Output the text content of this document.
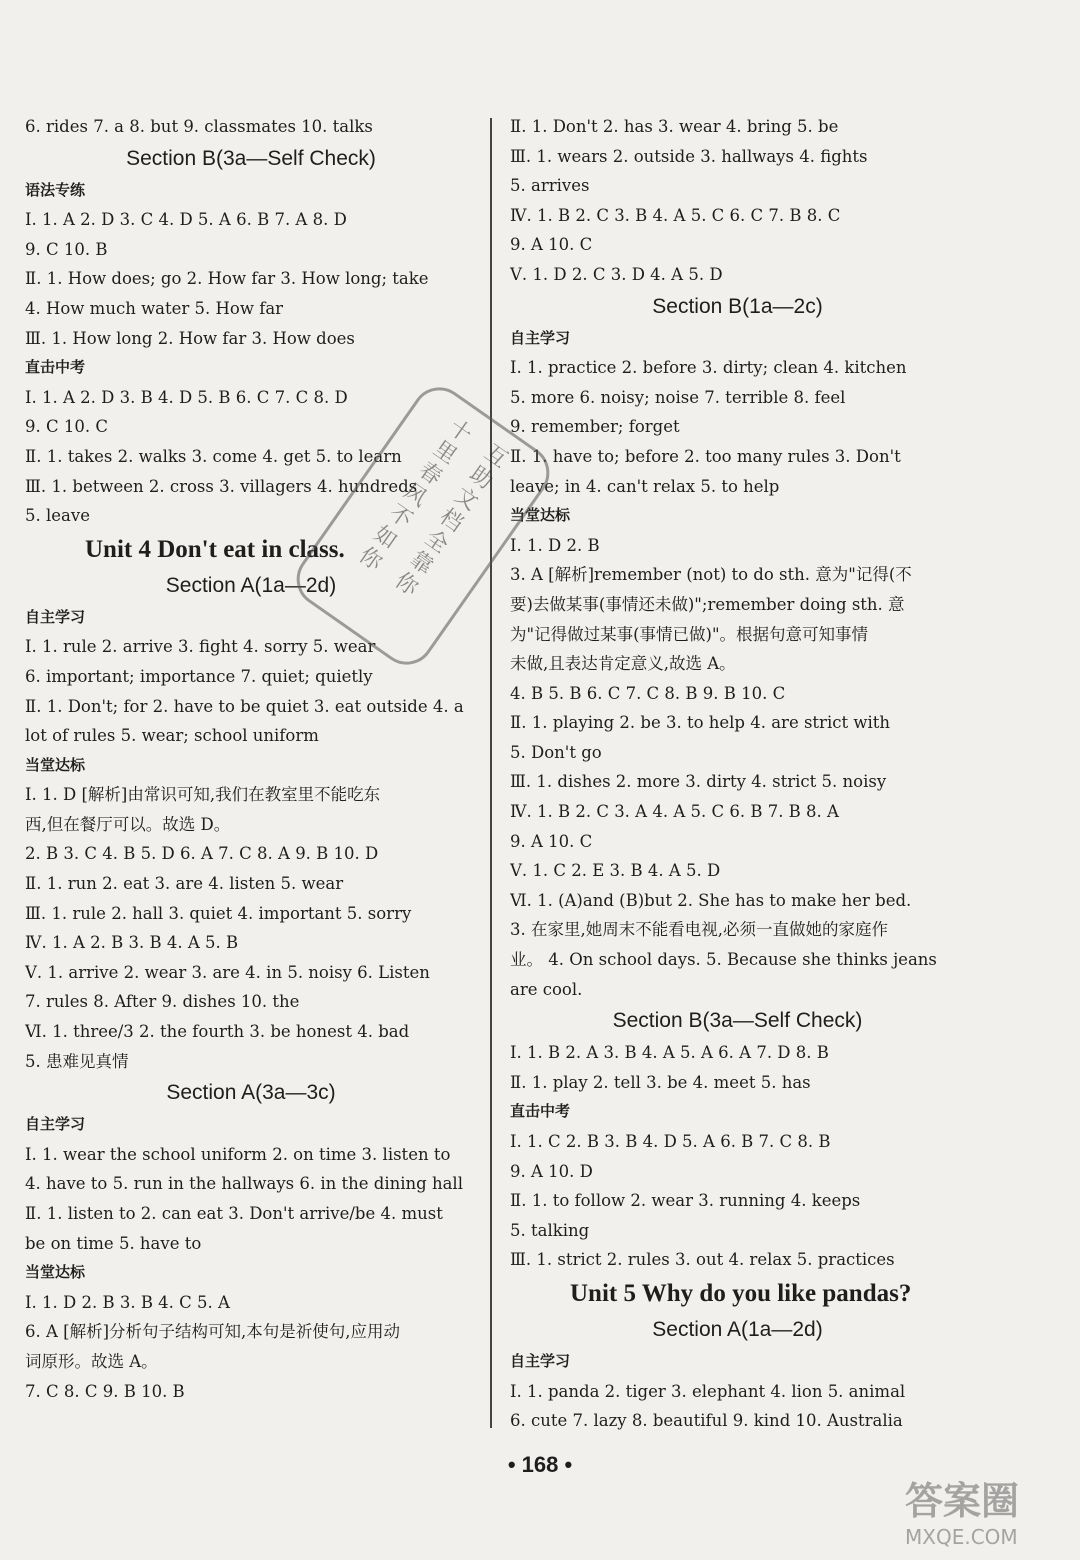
6. rides 7. a 8. but 9. classmates 10. talks
Section B(3a—Self Check)
语法专练
Ⅰ. 1. A 2. D 3. C 4. D 5. A 6. B 7. A 8. D
9. C 10. B
Ⅱ. 1. How does; go 2. How far 3. How long; take
4. How much water 5. How far
Ⅲ. 1. How long 2. How far 3. How does
直击中考
Ⅰ. 1. A 2. D 3. B 4. D 5. B 6. C 7. C 8. D
9. C 10. C
Ⅱ. 1. takes 2. walks 3. come 4. get 5. to learn
Ⅲ. 1. between 2. cross 3. villagers 4. hundreds
5. leave
Unit 4 Don't eat in class.
Section A(1a—2d)
自主学习
Ⅰ. 1. rule 2. arrive 3. fight 4. sorry 5. wear
6. important; importance 7. quiet; quietly
Ⅱ. 1. Don't; for 2. have to be quiet 3. eat outside 4. a
lot of rules 5. wear; school uniform
当堂达标
Ⅰ. 1. D [解析]由常识可知,我们在教室里不能吃东
西,但在餐厅可以。故选 D。
2. B 3. C 4. B 5. D 6. A 7. C 8. A 9. B 10. D
Ⅱ. 1. run 2. eat 3. are 4. listen 5. wear
Ⅲ. 1. rule 2. hall 3. quiet 4. important 5. sorry
Ⅳ. 1. A 2. B 3. B 4. A 5. B
Ⅴ. 1. arrive 2. wear 3. are 4. in 5. noisy 6. Listen
7. rules 8. After 9. dishes 10. the
Ⅵ. 1. three/3 2. the fourth 3. be honest 4. bad
5. 患难见真情
Section A(3a—3c)
自主学习
Ⅰ. 1. wear the school uniform 2. on time 3. listen to
4. have to 5. run in the hallways 6. in the dining hall
Ⅱ. 1. listen to 2. can eat 3. Don't arrive/be 4. must
be on time 5. have to
当堂达标
Ⅰ. 1. D 2. B 3. B 4. C 5. A
6. A [解析]分析句子结构可知,本句是祈使句,应用动
词原形。故选 A。
7. C 8. C 9. B 10. B
Ⅱ. 1. Don't 2. has 3. wear 4. bring 5. be
Ⅲ. 1. wears 2. outside 3. hallways 4. fights
5. arrives
Ⅳ. 1. B 2. C 3. B 4. A 5. C 6. C 7. B 8. C
9. A 10. C
Ⅴ. 1. D 2. C 3. D 4. A 5. D
Section B(1a—2c)
自主学习
Ⅰ. 1. practice 2. before 3. dirty; clean 4. kitchen
5. more 6. noisy; noise 7. terrible 8. feel
9. remember; forget
Ⅱ. 1. have to; before 2. too many rules 3. Don't
leave; in 4. can't relax 5. to help
当堂达标
Ⅰ. 1. D 2. B
3. A [解析]remember (not) to do sth. 意为"记得(不
要)去做某事(事情还未做)";remember doing sth. 意
为"记得做过某事(事情已做)"。根据句意可知事情
未做,且表达肯定意义,故选 A。
4. B 5. B 6. C 7. C 8. B 9. B 10. C
Ⅱ. 1. playing 2. be 3. to help 4. are strict with
5. Don't go
Ⅲ. 1. dishes 2. more 3. dirty 4. strict 5. noisy
Ⅳ. 1. B 2. C 3. A 4. A 5. C 6. B 7. B 8. A
9. A 10. C
Ⅴ. 1. C 2. E 3. B 4. A 5. D
Ⅵ. 1. (A)and (B)but 2. She has to make her bed.
3. 在家里,她周末不能看电视,必须一直做她的家庭作
业。 4. On school days. 5. Because she thinks jeans
are cool.
Section B(3a—Self Check)
Ⅰ. 1. B 2. A 3. B 4. A 5. A 6. A 7. D 8. B
Ⅱ. 1. play 2. tell 3. be 4. meet 5. has
直击中考
Ⅰ. 1. C 2. B 3. B 4. D 5. A 6. B 7. C 8. B
9. A 10. D
Ⅱ. 1. to follow 2. wear 3. running 4. keeps
5. talking
Ⅲ. 1. strict 2. rules 3. out 4. relax 5. practices
Unit 5 Why do you like pandas?
Section A(1a—2d)
自主学习
Ⅰ. 1. panda 2. tiger 3. elephant 4. lion 5. animal
6. cute 7. lazy 8. beautiful 9. kind 10. Australia
十里春风不如你
互助文档全靠你
• 168 •
答案圈
MXQE.COM
